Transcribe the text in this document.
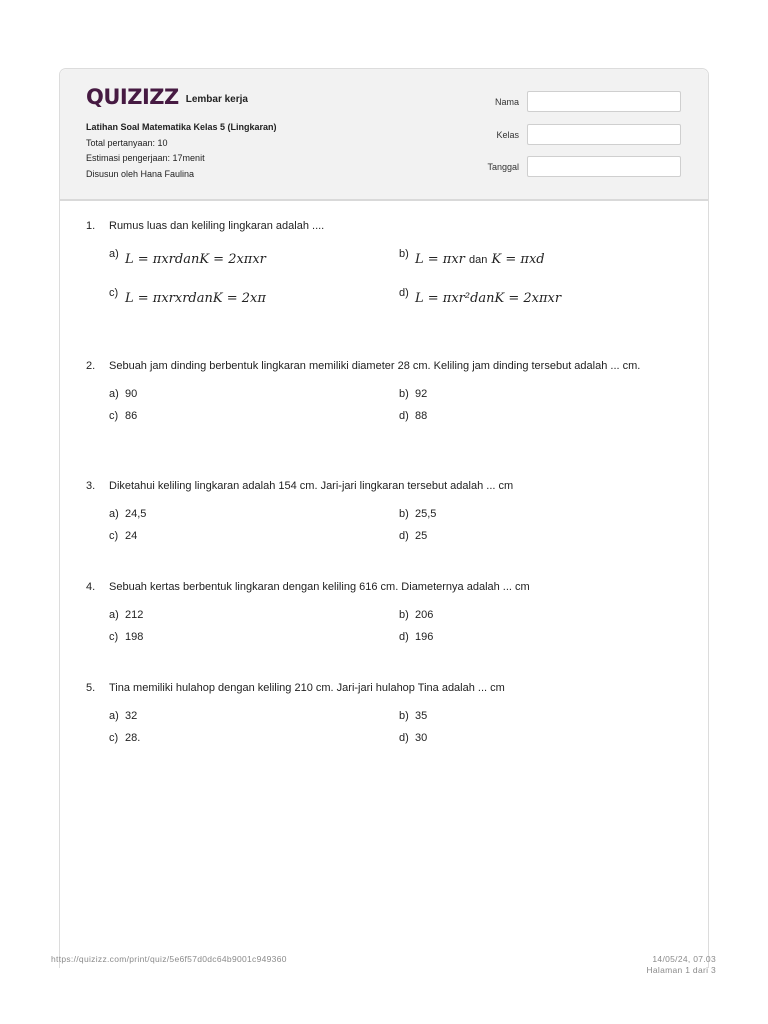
QUIZIZZ Lembar kerja
Latihan Soal Matematika Kelas 5 (Lingkaran)
Total pertanyaan: 10
Estimasi pengerjaan: 17menit
Disusun oleh Hana Faulina
Nama
Kelas
Tanggal
1.	Rumus luas dan keliling lingkaran adalah ....
a) L = πxrdanK = 2xπxr	b) L = πxr dan K = πxd
c) L = πxrxrdanK = 2xπ	d) L = πxr²danK = 2xπxr
2.	Sebuah jam dinding berbentuk lingkaran memiliki diameter 28 cm. Keliling jam dinding tersebut adalah ... cm.
a) 90	b) 92
c) 86	d) 88
3.	Diketahui keliling lingkaran adalah 154 cm. Jari-jari lingkaran tersebut adalah ... cm
a) 24,5	b) 25,5
c) 24	d) 25
4.	Sebuah kertas berbentuk lingkaran dengan keliling 616 cm. Diameternya adalah ... cm
a) 212	b) 206
c) 198	d) 196
5.	Tina memiliki hulahop dengan keliling 210 cm. Jari-jari hulahop Tina adalah ... cm
a) 32	b) 35
c) 28.	d) 30
https://quizizz.com/print/quiz/5e6f57d0dc64b9001c949360	14/05/24, 07.03
Halaman 1 dari 3
